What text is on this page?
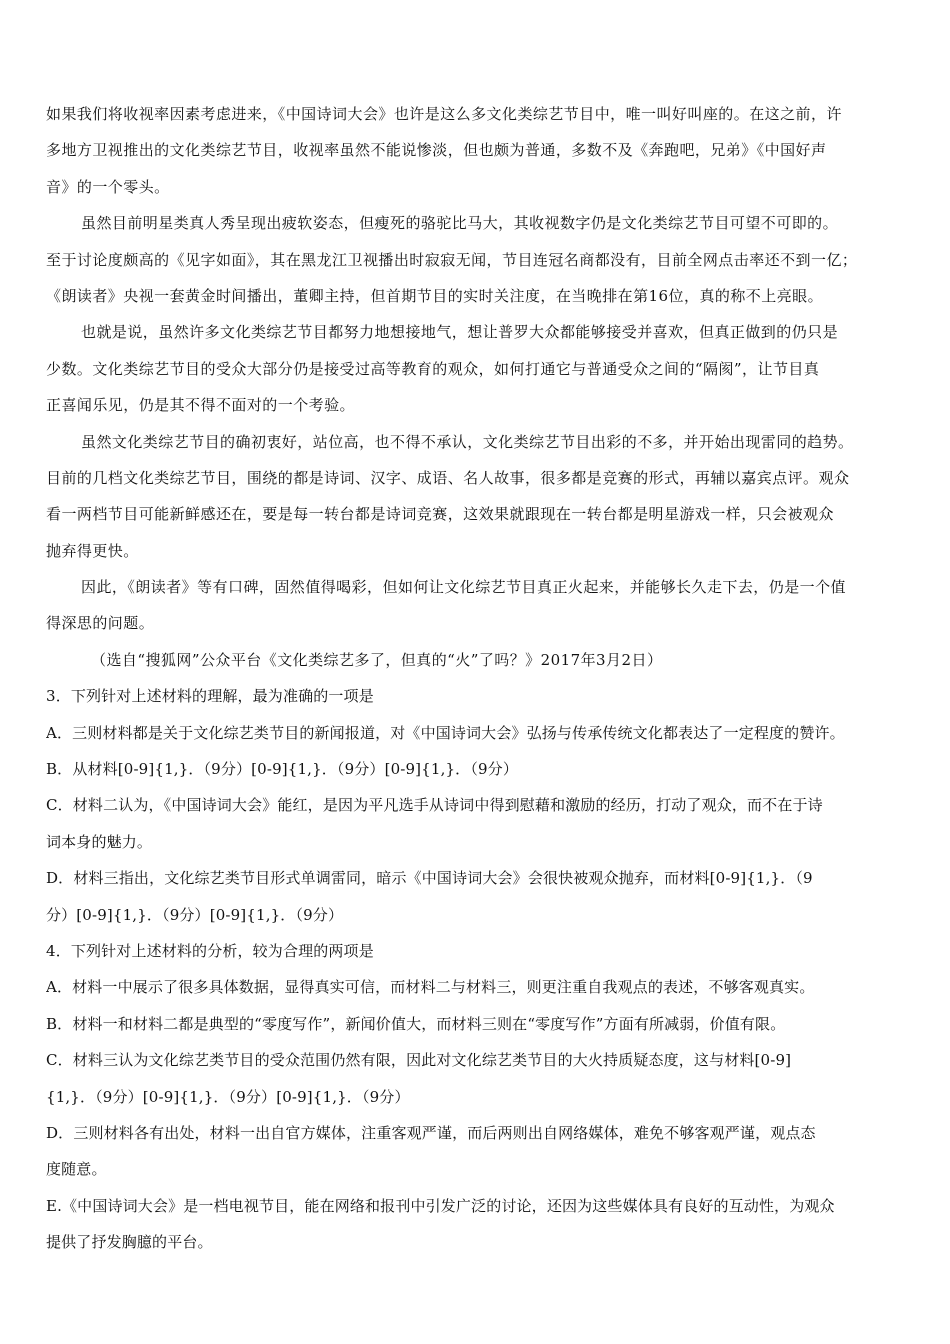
如果我们将收视率因素考虑进来，《中国诗词大会》也许是这么多文化类综艺节目中，唯一叫好叫座的。在这之前，许
多地方卫视推出的文化类综艺节目，收视率虽然不能说惨淡，但也颇为普通，多数不及《奔跑吧，兄弟》《中国好声
音》的一个零头。
虽然目前明星类真人秀呈现出疲软姿态，但瘦死的骆驼比马大，其收视数字仍是文化类综艺节目可望不可即的。
至于讨论度颇高的《见字如面》，其在黑龙江卫视播出时寂寂无闻，节目连冠名商都没有，目前全网点击率还不到一亿；
《朗读者》央视一套黄金时间播出，董卿主持，但首期节目的实时关注度，在当晚排在第16位，真的称不上亮眼。
也就是说，虽然许多文化类综艺节目都努力地想接地气，想让普罗大众都能够接受并喜欢，但真正做到的仍只是
少数。文化类综艺节目的受众大部分仍是接受过高等教育的观众，如何打通它与普通受众之间的“隔阂”，让节目真
正喜闻乐见，仍是其不得不面对的一个考验。
虽然文化类综艺节目的确初衷好，站位高，也不得不承认，文化类综艺节目出彩的不多，并开始出现雷同的趋势。
目前的几档文化类综艺节目，围绕的都是诗词、汉字、成语、名人故事，很多都是竞赛的形式，再辅以嘉宾点评。观众
看一两档节目可能新鲜感还在，要是每一转台都是诗词竞赛，这效果就跟现在一转台都是明星游戏一样，只会被观众
抛弃得更快。
因此，《朗读者》等有口碑，固然值得喝彩，但如何让文化综艺节目真正火起来，并能够长久走下去，仍是一个值
得深思的问题。
（选自“搜狐网”公众平台《文化类综艺多了，但真的“火”了吗？》2017年3月2日）
3．下列针对上述材料的理解，最为准确的一项是
A．三则材料都是关于文化综艺类节目的新闻报道，对《中国诗词大会》弘扬与传承传统文化都表达了一定程度的赞许。
B．从材料[0-9]{1,}．（9分）[0-9]{1,}．（9分）[0-9]{1,}．（9分）
C．材料二认为，《中国诗词大会》能红，是因为平凡选手从诗词中得到慰藉和激励的经历，打动了观众，而不在于诗
词本身的魅力。
D．材料三指出，文化综艺类节目形式单调雷同，暗示《中国诗词大会》会很快被观众抛弃，而材料[0-9]{1,}．（9
分）[0-9]{1,}．（9分）[0-9]{1,}．（9分）
4．下列针对上述材料的分析，较为合理的两项是
A．材料一中展示了很多具体数据，显得真实可信，而材料二与材料三，则更注重自我观点的表述，不够客观真实。
B．材料一和材料二都是典型的“零度写作”，新闻价值大，而材料三则在“零度写作”方面有所减弱，价值有限。
C．材料三认为文化综艺类节目的受众范围仍然有限，因此对文化综艺类节目的大火持质疑态度，这与材料[0-9]
{1,}．（9分）[0-9]{1,}．（9分）[0-9]{1,}．（9分）
D．三则材料各有出处，材料一出自官方媒体，注重客观严谨，而后两则出自网络媒体，难免不够客观严谨，观点态
度随意。
E.《中国诗词大会》是一档电视节目，能在网络和报刊中引发广泛的讨论，还因为这些媒体具有良好的互动性，为观众
提供了抒发胸臆的平台。
